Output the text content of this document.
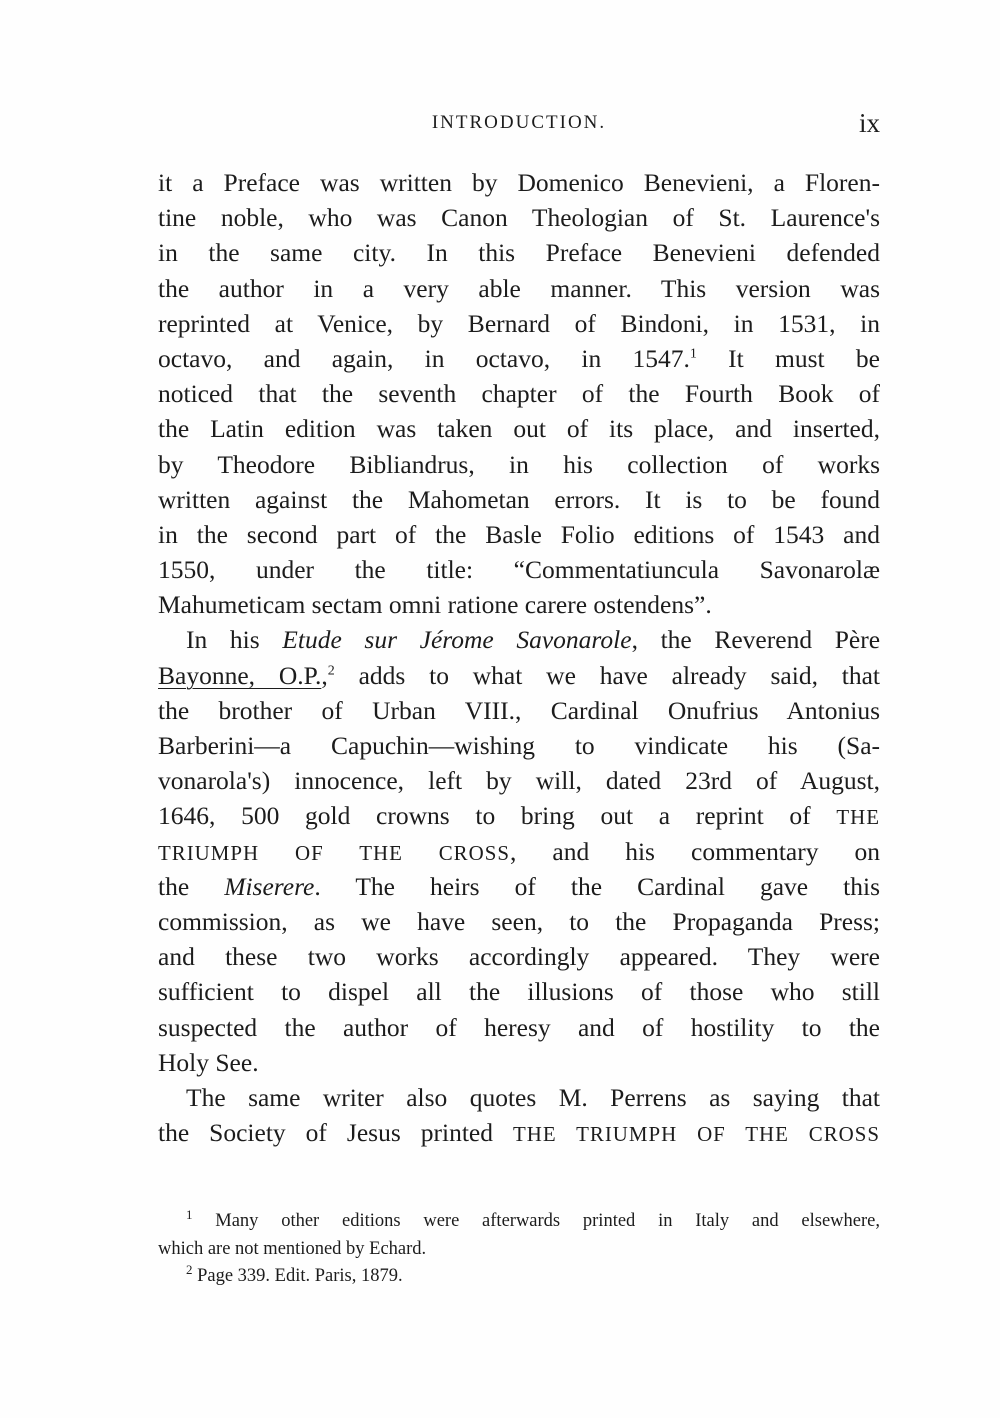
INTRODUCTION.	ix
it a Preface was written by Domenico Benevieni, a Floren-
tine noble, who was Canon Theologian of St. Laurence's
in the same city. In this Preface Benevieni defended
the author in a very able manner. This version was
reprinted at Venice, by Bernard of Bindoni, in 1531, in
octavo, and again, in octavo, in 1547.$^1$ It must be
noticed that the seventh chapter of the Fourth Book of
the Latin edition was taken out of its place, and inserted,
by Theodore Bibliandrus, in his collection of works
written against the Mahometan errors. It is to be found
in the second part of the Basle Folio editions of 1543 and
1550, under the title: “Commentatiuncula Savonarolæ
Mahumeticam sectam omni ratione carere ostendens”.
In his Etude sur Jérome Savonarole, the Reverend Père
Bayonne, O.P.,$^2$ adds to what we have already said, that
the brother of Urban VIII., Cardinal Onufrius Antonius
Barberini—a Capuchin—wishing to vindicate his (Sa-
vonarola's) innocence, left by will, dated 23rd of August,
1646, 500 gold crowns to bring out a reprint of THE
TRIUMPH OF THE CROSS, and his commentary on
the Miserere. The heirs of the Cardinal gave this
commission, as we have seen, to the Propaganda Press;
and these two works accordingly appeared. They were
sufficient to dispel all the illusions of those who still
suspected the author of heresy and of hostility to the
Holy See.
The same writer also quotes M. Perrens as saying that
the Society of Jesus printed THE TRIUMPH OF THE CROSS
$^1$ Many other editions were afterwards printed in Italy and elsewhere,
which are not mentioned by Echard.
$^2$ Page 339. Edit. Paris, 1879.
